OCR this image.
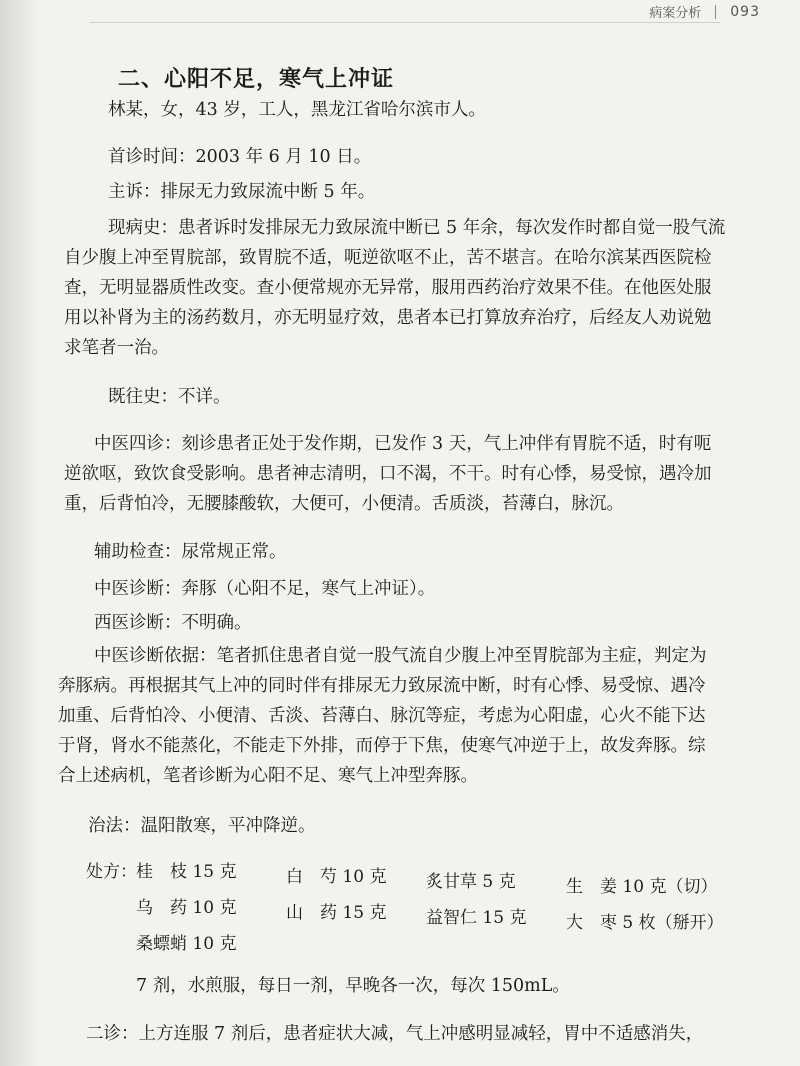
病案分析 093
二、心阳不足，寒气上冲证
林某，女，43 岁，工人，黑龙江省哈尔滨市人。
首诊时间：2003 年 6 月 10 日。
主诉：排尿无力致尿流中断 5 年。
现病史：患者诉时发排尿无力致尿流中断已 5 年余，每次发作时都自觉一股气流
自少腹上冲至胃脘部，致胃脘不适，呃逆欲呕不止，苦不堪言。在哈尔滨某西医院检
查，无明显器质性改变。查小便常规亦无异常，服用西药治疗效果不佳。在他医处服
用以补肾为主的汤药数月，亦无明显疗效，患者本已打算放弃治疗，后经友人劝说勉
求笔者一治。
既往史：不详。
中医四诊：刻诊患者正处于发作期，已发作 3 天，气上冲伴有胃脘不适，时有呃
逆欲呕，致饮食受影响。患者神志清明，口不渴，不干。时有心悸，易受惊，遇冷加
重，后背怕冷，无腰膝酸软，大便可，小便清。舌质淡，苔薄白，脉沉。
辅助检查：尿常规正常。
中医诊断：奔豚（心阳不足，寒气上冲证）。
西医诊断：不明确。
中医诊断依据：笔者抓住患者自觉一股气流自少腹上冲至胃脘部为主症，判定为
奔豚病。再根据其气上冲的同时伴有排尿无力致尿流中断，时有心悸、易受惊、遇冷
加重、后背怕冷、小便清、舌淡、苔薄白、脉沉等症，考虑为心阳虚，心火不能下达
于肾，肾水不能蒸化，不能走下外排，而停于下焦，使寒气冲逆于上，故发奔豚。综
合上述病机，笔者诊断为心阳不足、寒气上冲型奔豚。
治法：温阳散寒，平冲降逆。
处方： 桂　枝 15 克	白　芍 10 克 炙甘草 5 克	生　姜 10 克（切）
乌　药 10 克	山　药 15 克 益智仁 15 克 大　枣 5 枚（掰开）
桑螵蛸 10 克
7 剂，水煎服，每日一剂，早晚各一次，每次 150mL。
二诊：上方连服 7 剂后，患者症状大减，气上冲感明显减轻，胃中不适感消失，
